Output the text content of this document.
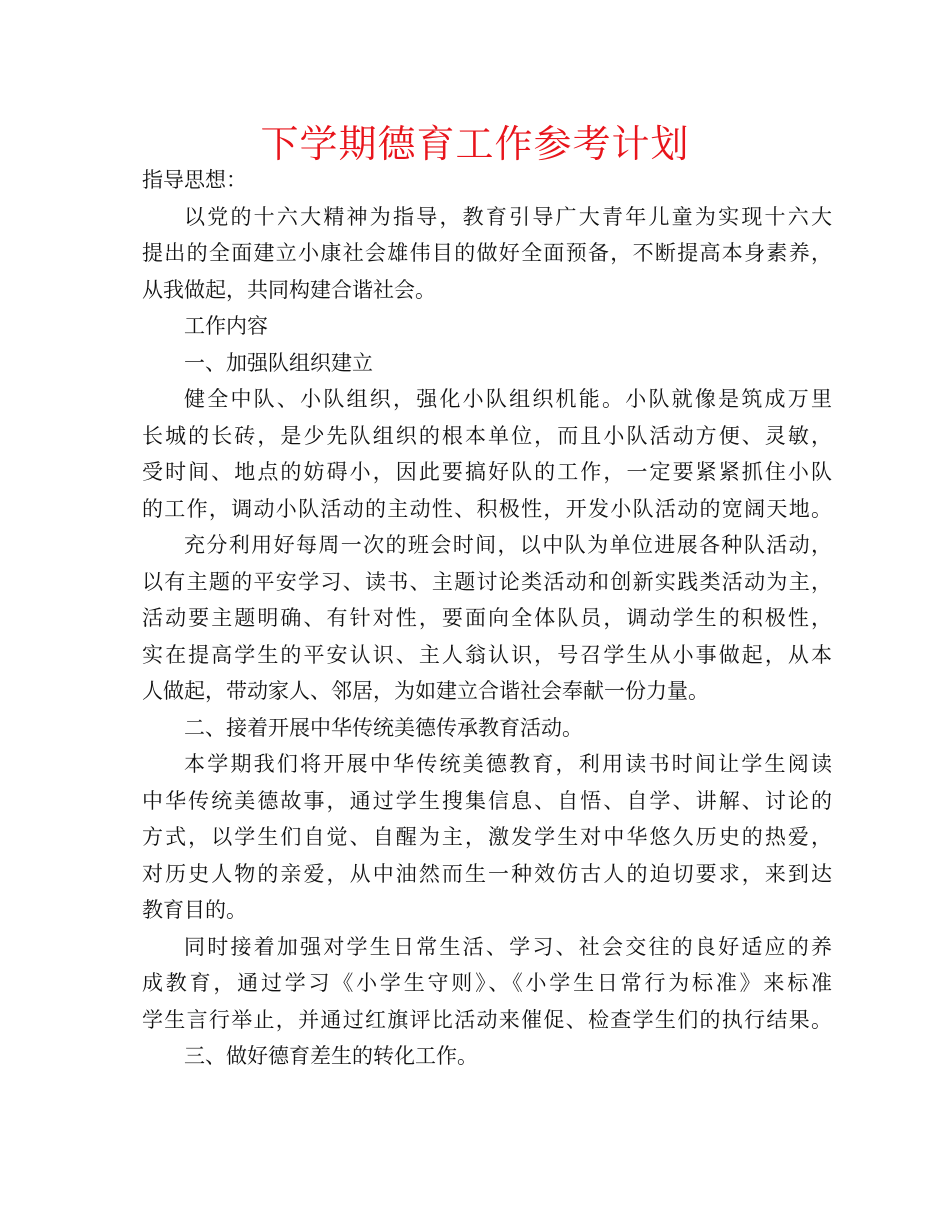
下学期德育工作参考计划
指导思想：
以党的十六大精神为指导，教育引导广大青年儿童为实现十六大
提出的全面建立小康社会雄伟目的做好全面预备，不断提高本身素养，
从我做起，共同构建合谐社会。
工作内容
一、加强队组织建立
健全中队、小队组织，强化小队组织机能。小队就像是筑成万里
长城的长砖，是少先队组织的根本单位，而且小队活动方便、灵敏，
受时间、地点的妨碍小，因此要搞好队的工作，一定要紧紧抓住小队
的工作，调动小队活动的主动性、积极性，开发小队活动的宽阔天地。
充分利用好每周一次的班会时间，以中队为单位进展各种队活动，
以有主题的平安学习、读书、主题讨论类活动和创新实践类活动为主，
活动要主题明确、有针对性，要面向全体队员，调动学生的积极性，
实在提高学生的平安认识、主人翁认识，号召学生从小事做起，从本
人做起，带动家人、邻居，为如建立合谐社会奉献一份力量。
二、接着开展中华传统美德传承教育活动。
本学期我们将开展中华传统美德教育，利用读书时间让学生阅读
中华传统美德故事，通过学生搜集信息、自悟、自学、讲解、讨论的
方式，以学生们自觉、自醒为主，激发学生对中华悠久历史的热爱，
对历史人物的亲爱，从中油然而生一种效仿古人的迫切要求，来到达
教育目的。
同时接着加强对学生日常生活、学习、社会交往的良好适应的养
成教育，通过学习《小学生守则》、《小学生日常行为标准》来标准
学生言行举止，并通过红旗评比活动来催促、检查学生们的执行结果。
三、做好德育差生的转化工作。
